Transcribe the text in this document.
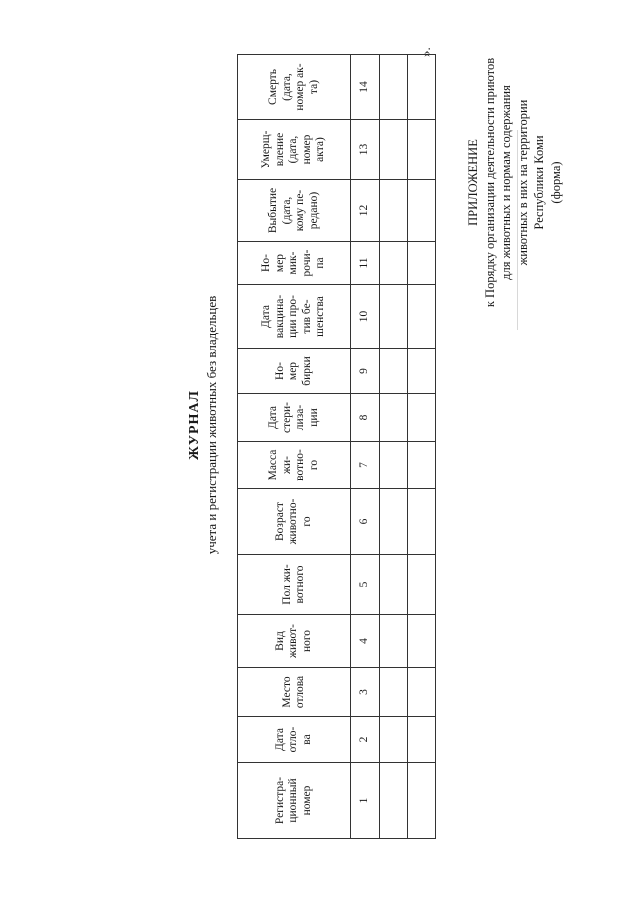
ПРИЛОЖЕНИЕ к Порядку организации деятельности приютов для животных и нормам содержания животных в них на территории Республики Коми (форма)
ЖУРНАЛ учета и регистрации животных без владельцев
Регистра-
ционный
номер	Дата
отло-
ва	Место
отлова	Вид
живот-
ного	Пол жи-
вотного	Возраст
животно-
го	Масса
жи-
вотно-
го	Дата
стери-
лиза-
ции	Но-
мер
бирки	Дата
вакцина-
ции про-
тив бе-
шенства	Но-
мер
мик-
рочи-
па	Выбытие
(дата,
кому пе-
редано)	Умерщ-
вление
(дата,
номер
акта)	Смерть
(дата,
номер ак-
та)
1	2	3	4	5	6	7	8	9	10	11	12	13	14

».
